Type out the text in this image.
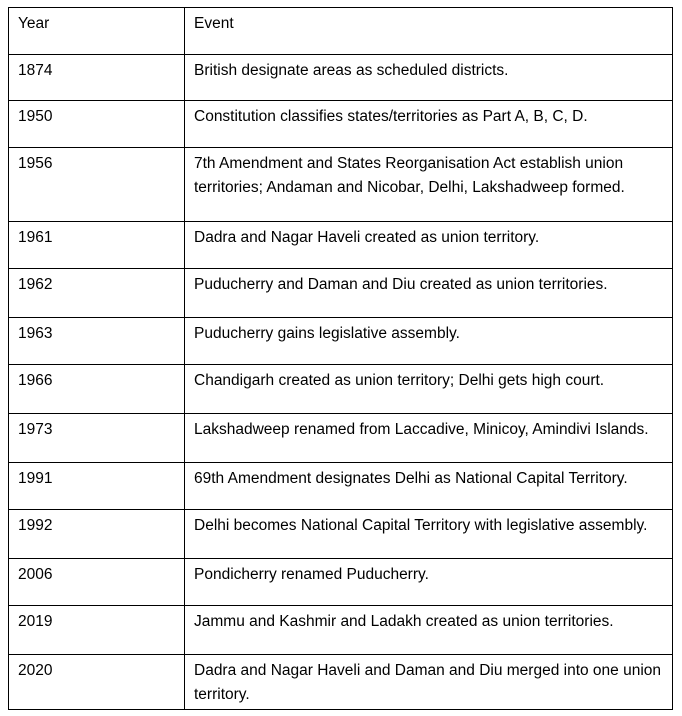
Year	Event
1874	British designate areas as scheduled districts.
1950	Constitution classifies states/territories as Part A, B, C, D.
1956	7th Amendment and States Reorganisation Act establish union territories; Andaman and Nicobar, Delhi, Lakshadweep formed.
1961	Dadra and Nagar Haveli created as union territory.
1962	Puducherry and Daman and Diu created as union territories.
1963	Puducherry gains legislative assembly.
1966	Chandigarh created as union territory; Delhi gets high court.
1973	Lakshadweep renamed from Laccadive, Minicoy, Amindivi Islands.
1991	69th Amendment designates Delhi as National Capital Territory.
1992	Delhi becomes National Capital Territory with legislative assembly.
2006	Pondicherry renamed Puducherry.
2019	Jammu and Kashmir and Ladakh created as union territories.
2020	Dadra and Nagar Haveli and Daman and Diu merged into one union territory.
